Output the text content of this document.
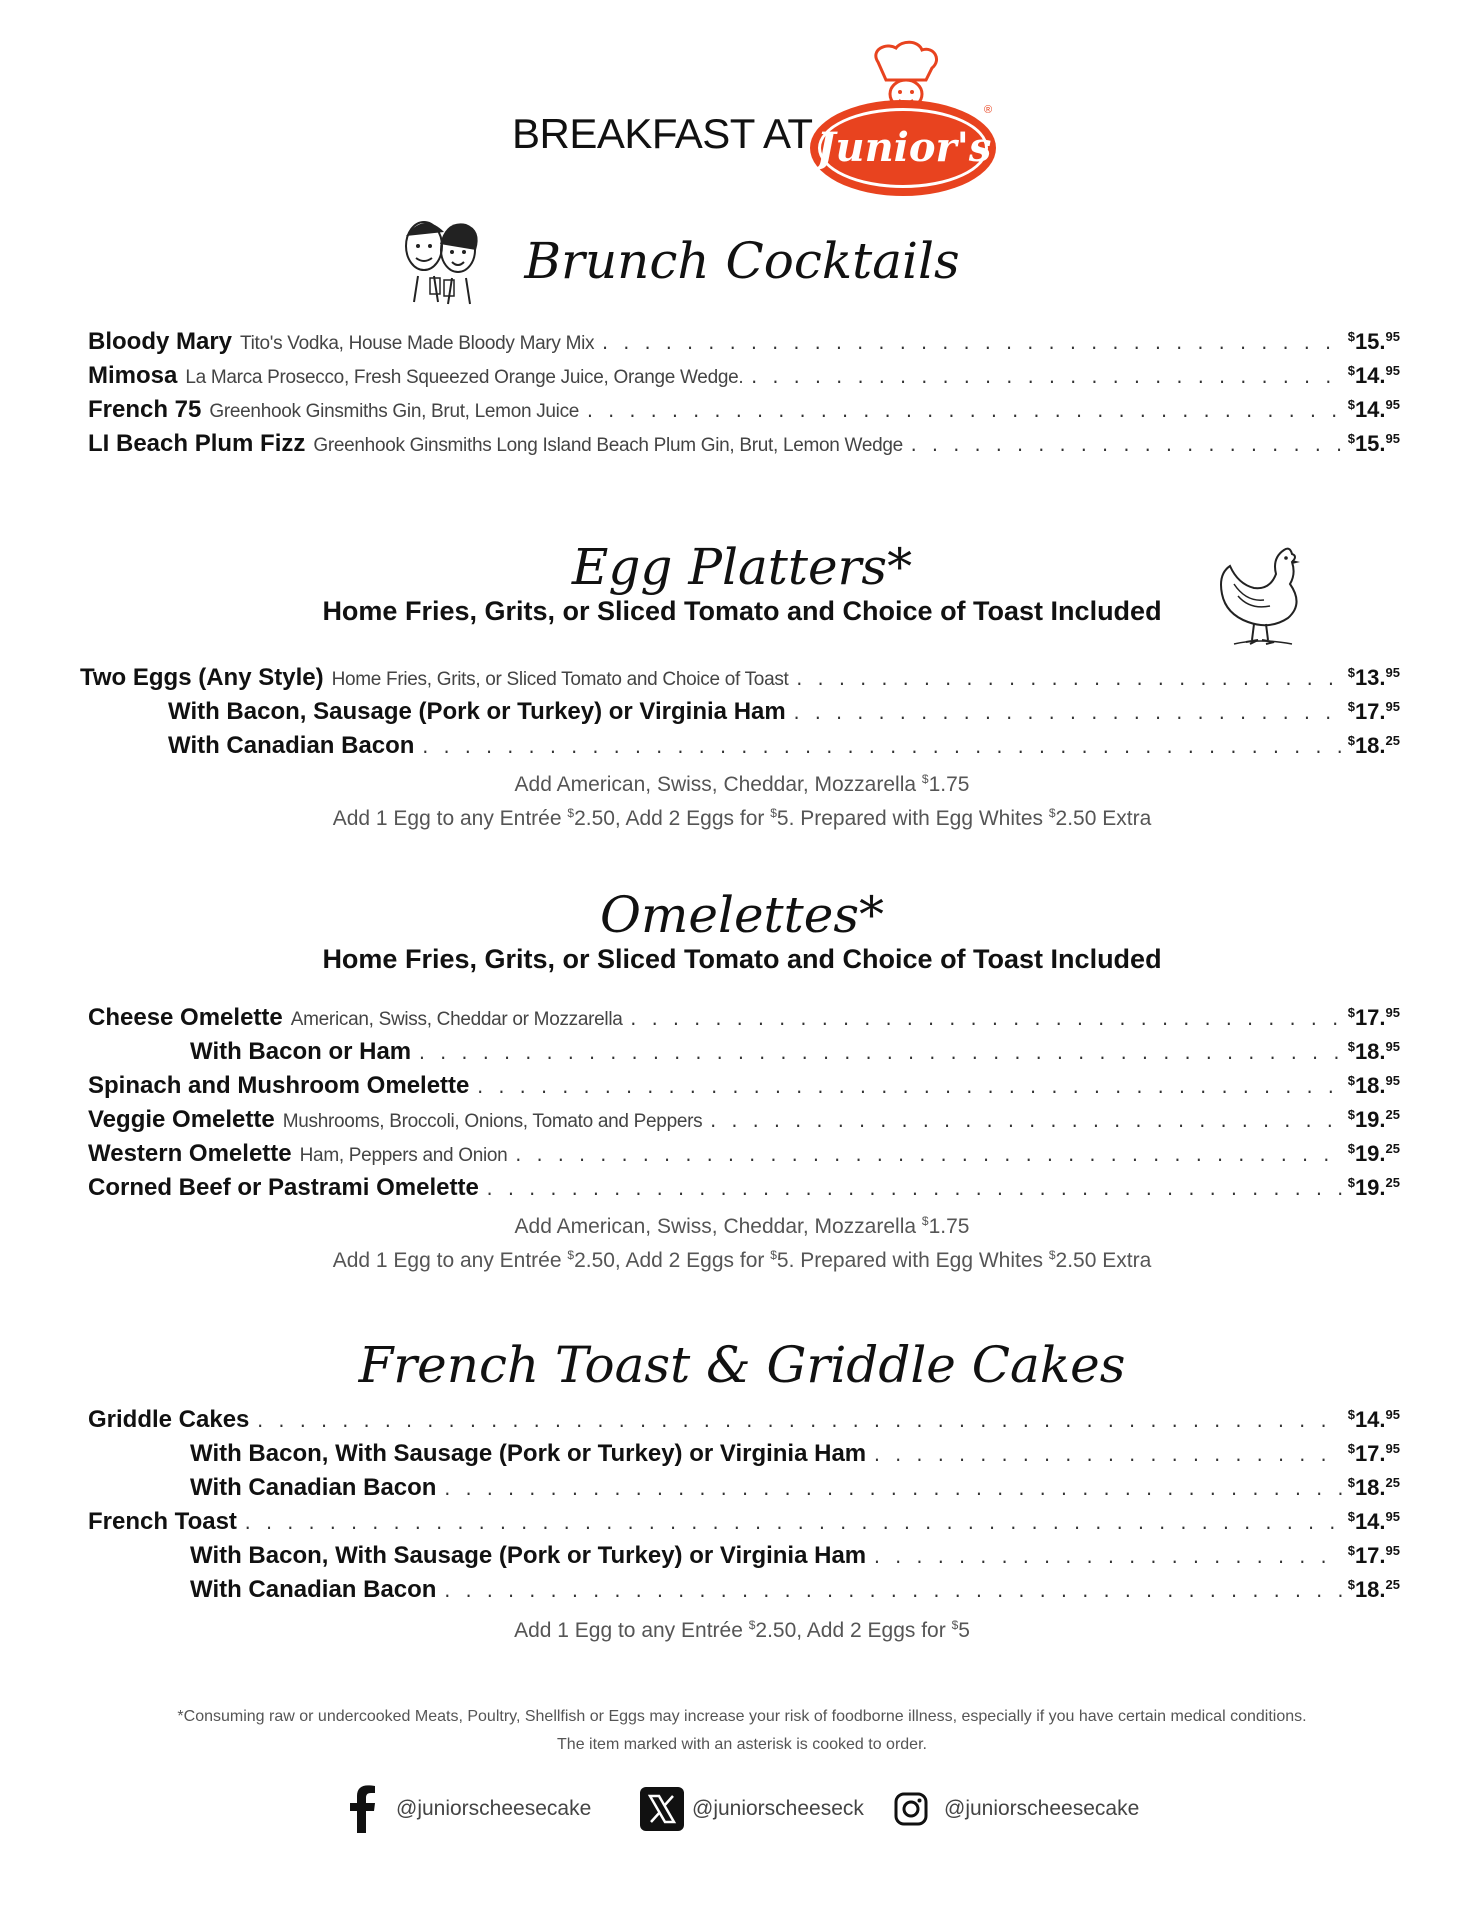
BREAKFAST AT Junior's
®
Brunch Cocktails
Bloody Mary Tito's Vodka, House Made Bloody Mary Mix . . .	$15.95
Mimosa La Marca Prosecco, Fresh Squeezed Orange Juice, Orange Wedge. . . .	$14.95
French 75 Greenhook Ginsmiths Gin, Brut, Lemon Juice . . .	$14.95
LI Beach Plum Fizz Greenhook Ginsmiths Long Island Beach Plum Gin, Brut, Lemon Wedge . . .	$15.95
Egg Platters*
Home Fries, Grits, or Sliced Tomato and Choice of Toast Included
Two Eggs (Any Style) Home Fries, Grits, or Sliced Tomato and Choice of Toast . . .	$13.95
With Bacon, Sausage (Pork or Turkey) or Virginia Ham . . .	$17.95
With Canadian Bacon . . .	$18.25
Add American, Swiss, Cheddar, Mozzarella $1.75
Add 1 Egg to any Entrée $2.50, Add 2 Eggs for $5. Prepared with Egg Whites $2.50 Extra
Omelettes*
Home Fries, Grits, or Sliced Tomato and Choice of Toast Included
Cheese Omelette American, Swiss, Cheddar or Mozzarella . . .	$17.95
With Bacon or Ham . . .	$18.95
Spinach and Mushroom Omelette . . .	$18.95
Veggie Omelette Mushrooms, Broccoli, Onions, Tomato and Peppers . . .	$19.25
Western Omelette Ham, Peppers and Onion . . .	$19.25
Corned Beef or Pastrami Omelette . . .	$19.25
Add American, Swiss, Cheddar, Mozzarella $1.75
Add 1 Egg to any Entrée $2.50, Add 2 Eggs for $5. Prepared with Egg Whites $2.50 Extra
French Toast & Griddle Cakes
Griddle Cakes . . .	$14.95
With Bacon, With Sausage (Pork or Turkey) or Virginia Ham . . .	$17.95
With Canadian Bacon . . .	$18.25
French Toast . . .	$14.95
With Bacon, With Sausage (Pork or Turkey) or Virginia Ham . . .	$17.95
With Canadian Bacon . . .	$18.25
Add 1 Egg to any Entrée $2.50, Add 2 Eggs for $5
*Consuming raw or undercooked Meats, Poultry, Shellfish or Eggs may increase your risk of foodborne illness, especially if you have certain medical conditions.
The item marked with an asterisk is cooked to order.
@juniorscheesecake	@juniorscheeseck	@juniorscheesecake
